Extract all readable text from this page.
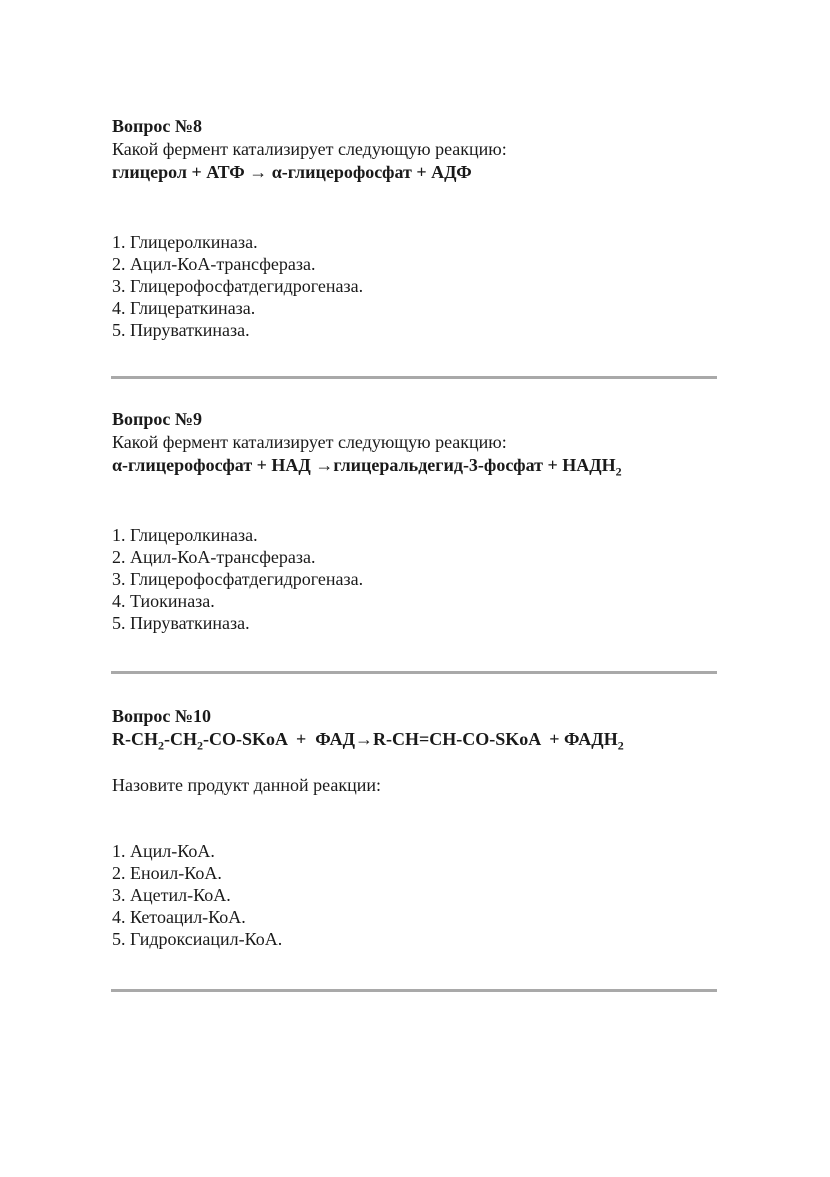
Вопрос №8

Какой фермент катализирует следующую реакцию:

глицерол + АТФ → α-глицерофосфат + АДФ

1. Глицеролкиназа.
2. Ацил-КоА-трансфераза.
3. Глицерофосфатдегидрогеназа.
4. Глицераткиназа.
5. Пируваткиназа.

Вопрос №9

Какой фермент катализирует следующую реакцию:

α-глицерофосфат + НАД →глицеральдегид-3-фосфат + $НАДН_2$

1. Глицеролкиназа.
2. Ацил-КоА-трансфераза.
3. Глицерофосфатдегидрогеназа.
4. Тиокиназа.
5. Пируваткиназа.

Вопрос №10

$R-CH_2-CH_2-CO$-SKoA  +  ФАД→R-CH=CH-CO-SKoA  + $ФАДН_2$

Назовите продукт данной реакции:

1. Ацил-КоА.
2. Еноил-КоА.
3. Ацетил-КоА.
4. Кетоацил-КоА.
5. Гидроксиацил-КоА.
